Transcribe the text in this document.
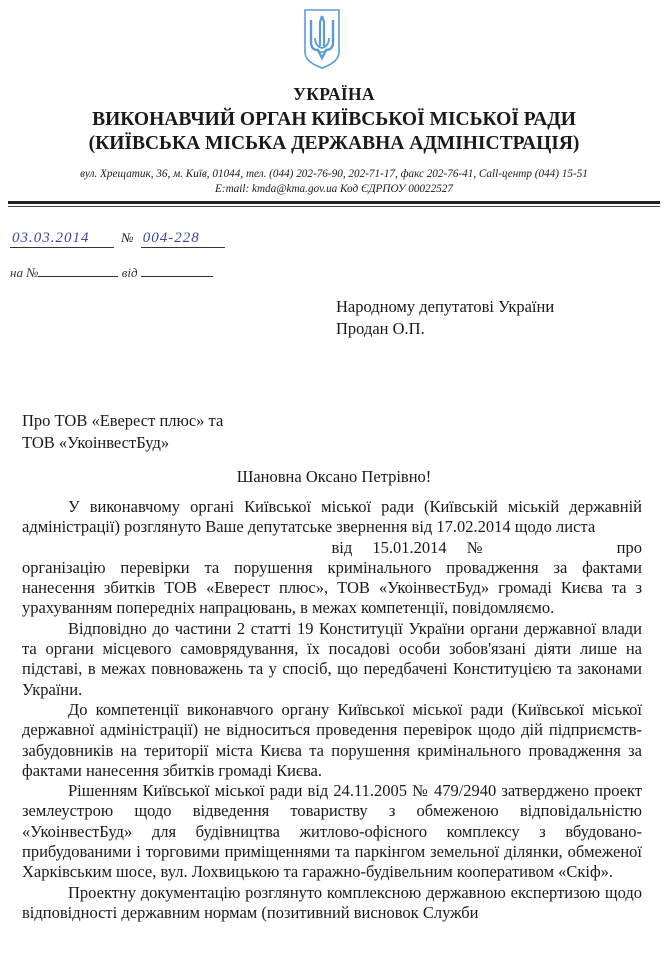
УКРАЇНА
ВИКОНАВЧИЙ ОРГАН КИЇВСЬКОЇ МІСЬКОЇ РАДИ
(КИЇВСЬКА МІСЬКА ДЕРЖАВНА АДМІНІСТРАЦІЯ)
вул. Хрещатик, 36, м. Київ, 01044, тел. (044) 202-76-90, 202-71-17, факс 202-76-41, Call-центр (044) 15-51
E:mail: kmda@kma.gov.ua Код ЄДРПОУ 00022527
03.03.2014 № 004-228
на №	від
Народному депутатові України
Продан О.П.
Про ТОВ «Еверест плюс» та
ТОВ «УкоінвестБуд»
Шановна Оксано Петрівно!

У виконавчому органі Київської міської ради (Київській міській державній адміністрації) розглянуто Ваше депутатське звернення від 17.02.2014 щодо листа

від 15.01.2014 №	про
організацію перевірки та порушення кримінального провадження за фактами нанесення збитків ТОВ «Еверест плюс», ТОВ «УкоінвестБуд» громаді Києва та з урахуванням попередніх напрацювань, в межах компетенції, повідомляємо.

Відповідно до частини 2 статті 19 Конституції України органи державної влади та органи місцевого самоврядування, їх посадові особи зобов'язані діяти лише на підставі, в межах повноважень та у спосіб, що передбачені Конституцією та законами України.

До компетенції виконавчого органу Київської міської ради (Київської міської державної адміністрації) не відноситься проведення перевірок щодо дій підприємств-забудовників на території міста Києва та порушення кримінального провадження за фактами нанесення збитків громаді Києва.

Рішенням Київської міської ради від 24.11.2005 № 479/2940 затверджено проект землеустрою щодо відведення товариству з обмеженою відповідальністю «УкоінвестБуд» для будівництва житлово-офісного комплексу з вбудовано-прибудованими і торговими приміщеннями та паркінгом земельної ділянки, обмеженої Харківським шосе, вул. Лохвицькою та гаражно-будівельним кооперативом «Скіф».

Проектну документацію розглянуто комплексною державною експертизою щодо відповідності державним нормам (позитивний висновок Служби
